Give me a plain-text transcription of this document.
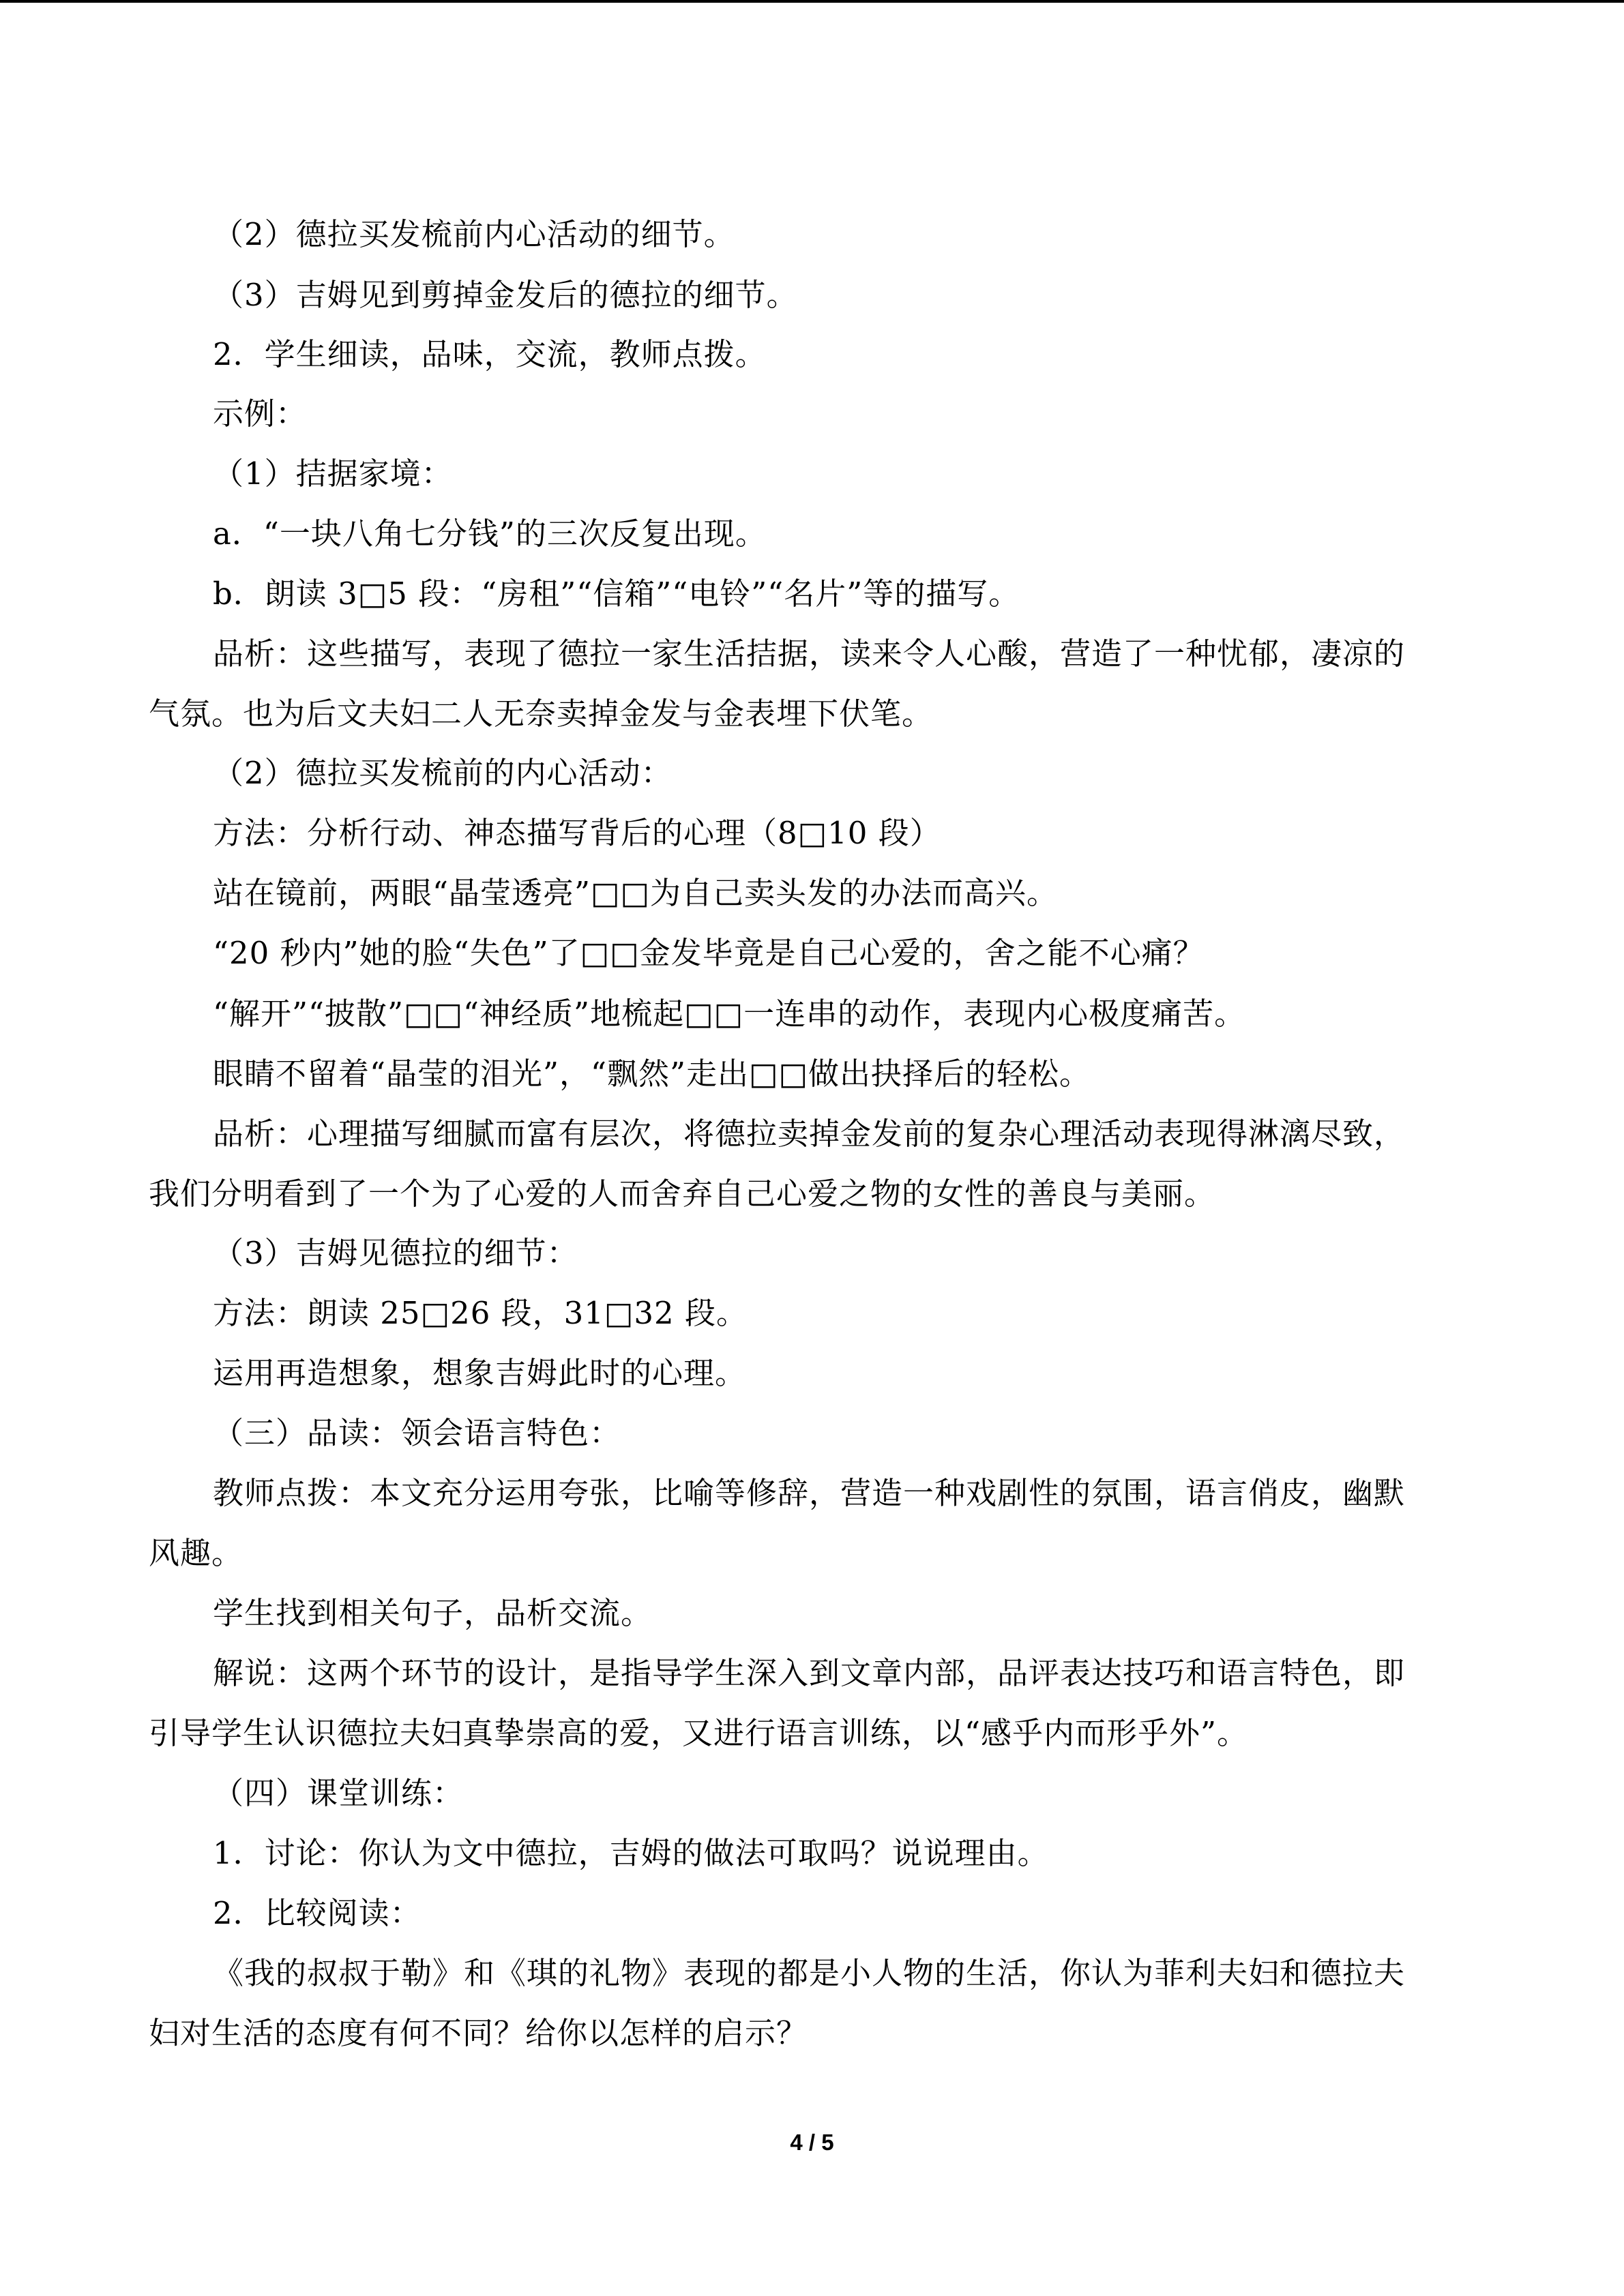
（2）德拉买发梳前内心活动的细节。
（3）吉姆见到剪掉金发后的德拉的细节。
2．学生细读，品味，交流，教师点拨。
示例：
（1）拮据家境：
a．“一块八角七分钱”的三次反复出现。
b．朗读 3□5 段：“房租”“信箱”“电铃”“名片”等的描写。
品析：这些描写，表现了德拉一家生活拮据，读来令人心酸，营造了一种忧郁，凄凉的
气氛。也为后文夫妇二人无奈卖掉金发与金表埋下伏笔。
（2）德拉买发梳前的内心活动：
方法：分析行动、神态描写背后的心理（8□10 段）
站在镜前，两眼“晶莹透亮”□□为自己卖头发的办法而高兴。
“20 秒内”她的脸“失色”了□□金发毕竟是自己心爱的，舍之能不心痛？
“解开”“披散”□□“神经质”地梳起□□一连串的动作，表现内心极度痛苦。
眼睛不留着“晶莹的泪光”，“飘然”走出□□做出抉择后的轻松。
品析：心理描写细腻而富有层次，将德拉卖掉金发前的复杂心理活动表现得淋漓尽致，
我们分明看到了一个为了心爱的人而舍弃自己心爱之物的女性的善良与美丽。
（3）吉姆见德拉的细节：
方法：朗读 25□26 段，31□32 段。
运用再造想象，想象吉姆此时的心理。
（三）品读：领会语言特色：
教师点拨：本文充分运用夸张，比喻等修辞，营造一种戏剧性的氛围，语言俏皮，幽默
风趣。
学生找到相关句子，品析交流。
解说：这两个环节的设计，是指导学生深入到文章内部，品评表达技巧和语言特色，即
引导学生认识德拉夫妇真挚崇高的爱，又进行语言训练，以“感乎内而形乎外”。
（四）课堂训练：
1．讨论：你认为文中德拉，吉姆的做法可取吗？说说理由。
2．比较阅读：
《我的叔叔于勒》和《琪的礼物》表现的都是小人物的生活，你认为菲利夫妇和德拉夫
妇对生活的态度有何不同？给你以怎样的启示？
4 / 5
